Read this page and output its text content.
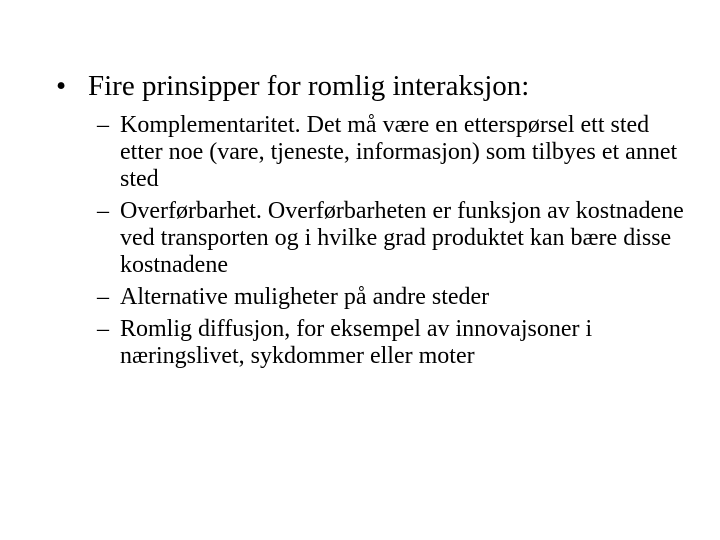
• Fire prinsipper for romlig interaksjon:
– Komplementaritet. Det må være en etterspørsel ett sted etter noe (vare, tjeneste, informasjon) som tilbyes et annet sted
– Overførbarhet. Overførbarheten er funksjon av kostnadene ved transporten og i hvilke grad produktet kan bære disse kostnadene
– Alternative muligheter på andre steder
– Romlig diffusjon, for eksempel av innovajsoner i næringslivet, sykdommer eller moter
